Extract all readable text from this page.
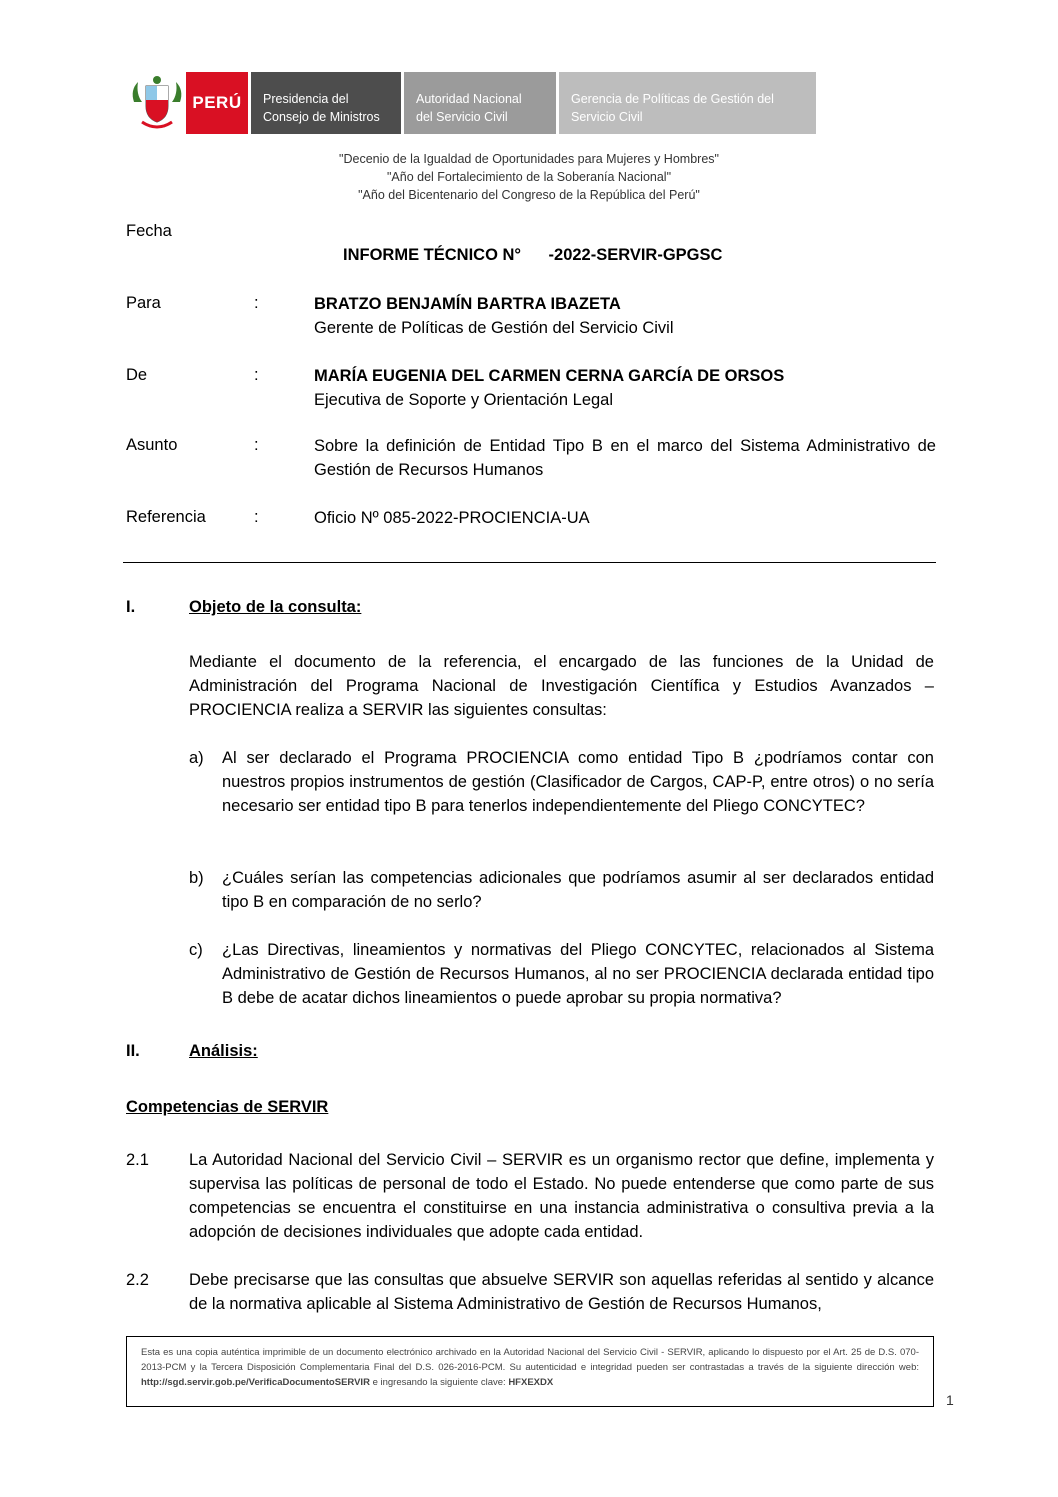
PERÚ	Presidencia del
Consejo de Ministros
Autoridad Nacional
del Servicio Civil
Gerencia de Políticas de Gestión del
Servicio Civil
"Decenio de la Igualdad de Oportunidades para Mujeres y Hombres"
"Año del Fortalecimiento de la Soberanía Nacional"
"Año del Bicentenario del Congreso de la República del Perú"
Fecha
INFORME TÉCNICO N°      -2022-SERVIR-GPGSC
Para	:	BRATZO BENJAMÍN BARTRA IBAZETA
Gerente de Políticas de Gestión del Servicio Civil
De	:	MARÍA EUGENIA DEL CARMEN CERNA GARCÍA DE ORSOS
Ejecutiva de Soporte y Orientación Legal
Asunto	:	Sobre la definición de Entidad Tipo B en el marco del Sistema Administrativo de Gestión de Recursos Humanos
Referencia	:	Oficio Nº 085-2022-PROCIENCIA-UA
I.	Objeto de la consulta:
Mediante el documento de la referencia, el encargado de las funciones de la Unidad de Administración del Programa Nacional de Investigación Científica y Estudios Avanzados – PROCIENCIA realiza a SERVIR las siguientes consultas:
a) Al ser declarado el Programa PROCIENCIA como entidad Tipo B ¿podríamos contar con nuestros propios instrumentos de gestión (Clasificador de Cargos, CAP-P, entre otros) o no sería necesario ser entidad tipo B para tenerlos independientemente del Pliego CONCYTEC?
b) ¿Cuáles serían las competencias adicionales que podríamos asumir al ser declarados entidad tipo B en comparación de no serlo?
c) ¿Las Directivas, lineamientos y normativas del Pliego CONCYTEC, relacionados al Sistema Administrativo de Gestión de Recursos Humanos, al no ser PROCIENCIA declarada entidad tipo B debe de acatar dichos lineamientos o puede aprobar su propia normativa?
II.	Análisis:
Competencias de SERVIR
2.1 La Autoridad Nacional del Servicio Civil – SERVIR es un organismo rector que define, implementa y supervisa las políticas de personal de todo el Estado. No puede entenderse que como parte de sus competencias se encuentra el constituirse en una instancia administrativa o consultiva previa a la adopción de decisiones individuales que adopte cada entidad.
2.2 Debe precisarse que las consultas que absuelve SERVIR son aquellas referidas al sentido y alcance de la normativa aplicable al Sistema Administrativo de Gestión de Recursos Humanos,
Esta es una copia auténtica imprimible de un documento electrónico archivado en la Autoridad Nacional del Servicio Civil - SERVIR, aplicando lo dispuesto por el Art. 25 de D.S. 070-2013-PCM y la Tercera Disposición Complementaria Final del D.S. 026-2016-PCM. Su autenticidad e integridad pueden ser contrastadas a través de la siguiente dirección web: http://sgd.servir.gob.pe/VerificaDocumentoSERVIR e ingresando la siguiente clave: HFXEXDX
1
